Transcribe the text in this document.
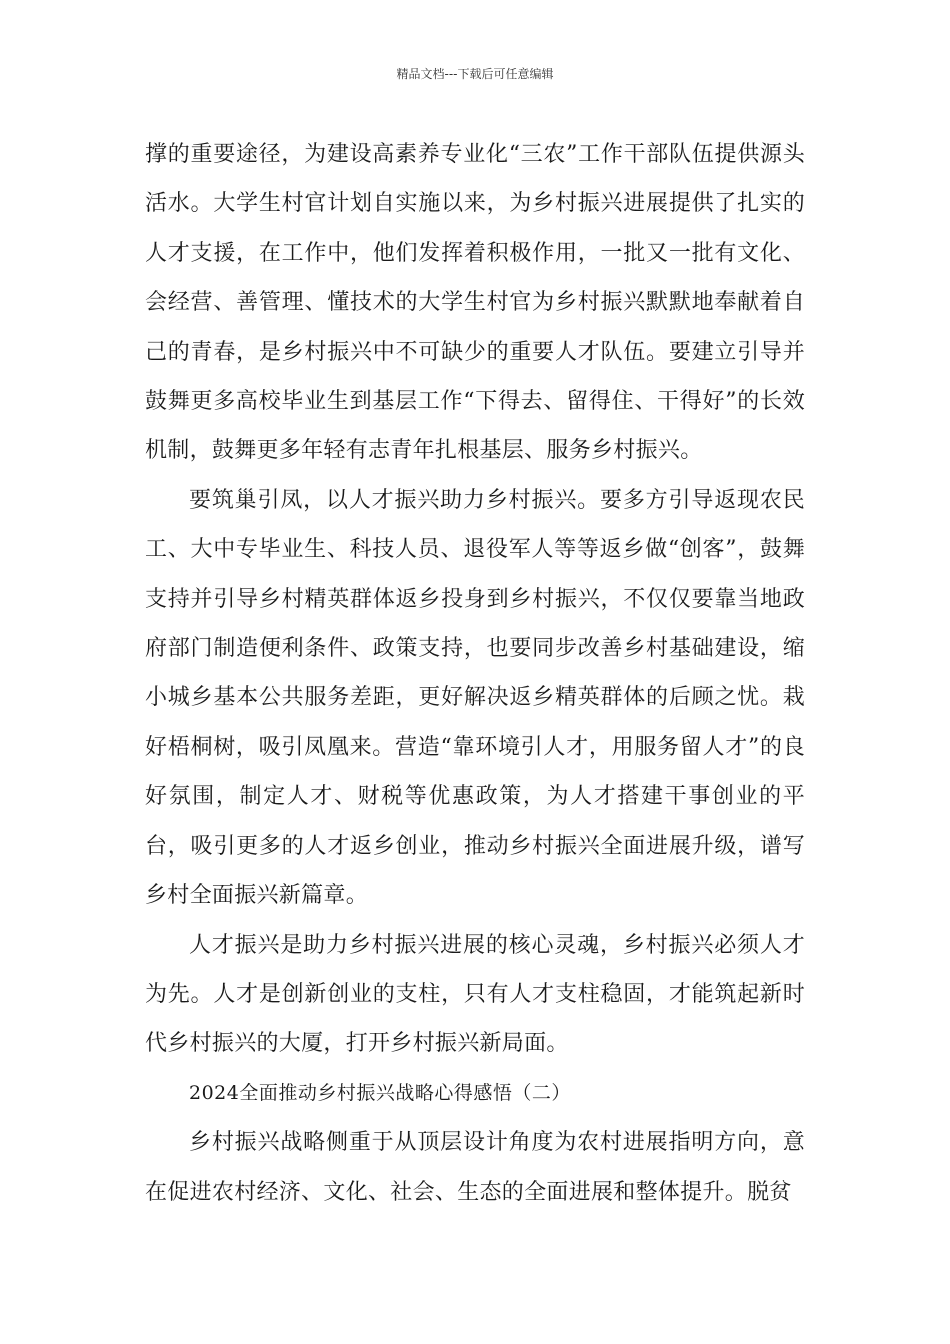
精品文档---下载后可任意编辑

撑的重要途径，为建设高素养专业化“三农”工作干部队伍提供源头活水。大学生村官计划自实施以来，为乡村振兴进展提供了扎实的人才支援，在工作中，他们发挥着积极作用，一批又一批有文化、会经营、善管理、懂技术的大学生村官为乡村振兴默默地奉献着自己的青春，是乡村振兴中不可缺少的重要人才队伍。要建立引导并鼓舞更多高校毕业生到基层工作“下得去、留得住、干得好”的长效机制，鼓舞更多年轻有志青年扎根基层、服务乡村振兴。

要筑巢引凤，以人才振兴助力乡村振兴。要多方引导返现农民工、大中专毕业生、科技人员、退役军人等等返乡做“创客”，鼓舞支持并引导乡村精英群体返乡投身到乡村振兴，不仅仅要靠当地政府部门制造便利条件、政策支持，也要同步改善乡村基础建设，缩小城乡基本公共服务差距，更好解决返乡精英群体的后顾之忧。栽好梧桐树，吸引凤凰来。营造“靠环境引人才，用服务留人才”的良好氛围，制定人才、财税等优惠政策，为人才搭建干事创业的平台，吸引更多的人才返乡创业，推动乡村振兴全面进展升级，谱写乡村全面振兴新篇章。

人才振兴是助力乡村振兴进展的核心灵魂，乡村振兴必须人才为先。人才是创新创业的支柱，只有人才支柱稳固，才能筑起新时代乡村振兴的大厦，打开乡村振兴新局面。

2024全面推动乡村振兴战略心得感悟（二）

乡村振兴战略侧重于从顶层设计角度为农村进展指明方向，意在促进农村经济、文化、社会、生态的全面进展和整体提升。脱贫
